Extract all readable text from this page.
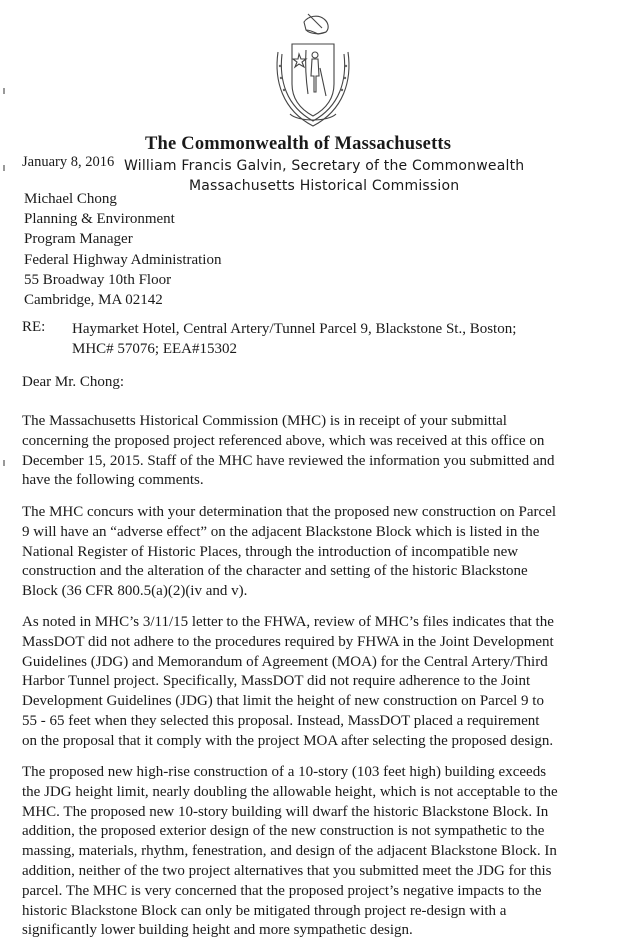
The Commonwealth of Massachusetts
January 8, 2016 William Francis Galvin, Secretary of the Commonwealth
Massachusetts Historical Commission
Michael Chong
Planning & Environment
Program Manager
Federal Highway Administration
55 Broadway 10th Floor
Cambridge, MA 02142
RE: Haymarket Hotel, Central Artery/Tunnel Parcel 9, Blackstone St., Boston;
MHC# 57076; EEA#15302
Dear Mr. Chong:
The Massachusetts Historical Commission (MHC) is in receipt of your submittal
concerning the proposed project referenced above, which was received at this office on
December 15, 2015. Staff of the MHC have reviewed the information you submitted and
have the following comments.
The MHC concurs with your determination that the proposed new construction on Parcel
9 will have an “adverse effect” on the adjacent Blackstone Block which is listed in the
National Register of Historic Places, through the introduction of incompatible new
construction and the alteration of the character and setting of the historic Blackstone
Block (36 CFR 800.5(a)(2)(iv and v).
As noted in MHC’s 3/11/15 letter to the FHWA, review of MHC’s files indicates that the
MassDOT did not adhere to the procedures required by FHWA in the Joint Development
Guidelines (JDG) and Memorandum of Agreement (MOA) for the Central Artery/Third
Harbor Tunnel project. Specifically, MassDOT did not require adherence to the Joint
Development Guidelines (JDG) that limit the height of new construction on Parcel 9 to
55 - 65 feet when they selected this proposal. Instead, MassDOT placed a requirement
on the proposal that it comply with the project MOA after selecting the proposed design.
The proposed new high-rise construction of a 10-story (103 feet high) building exceeds
the JDG height limit, nearly doubling the allowable height, which is not acceptable to the
MHC. The proposed new 10-story building will dwarf the historic Blackstone Block. In
addition, the proposed exterior design of the new construction is not sympathetic to the
massing, materials, rhythm, fenestration, and design of the adjacent Blackstone Block. In
addition, neither of the two project alternatives that you submitted meet the JDG for this
parcel. The MHC is very concerned that the proposed project’s negative impacts to the
historic Blackstone Block can only be mitigated through project re-design with a
significantly lower building height and more sympathetic design.
